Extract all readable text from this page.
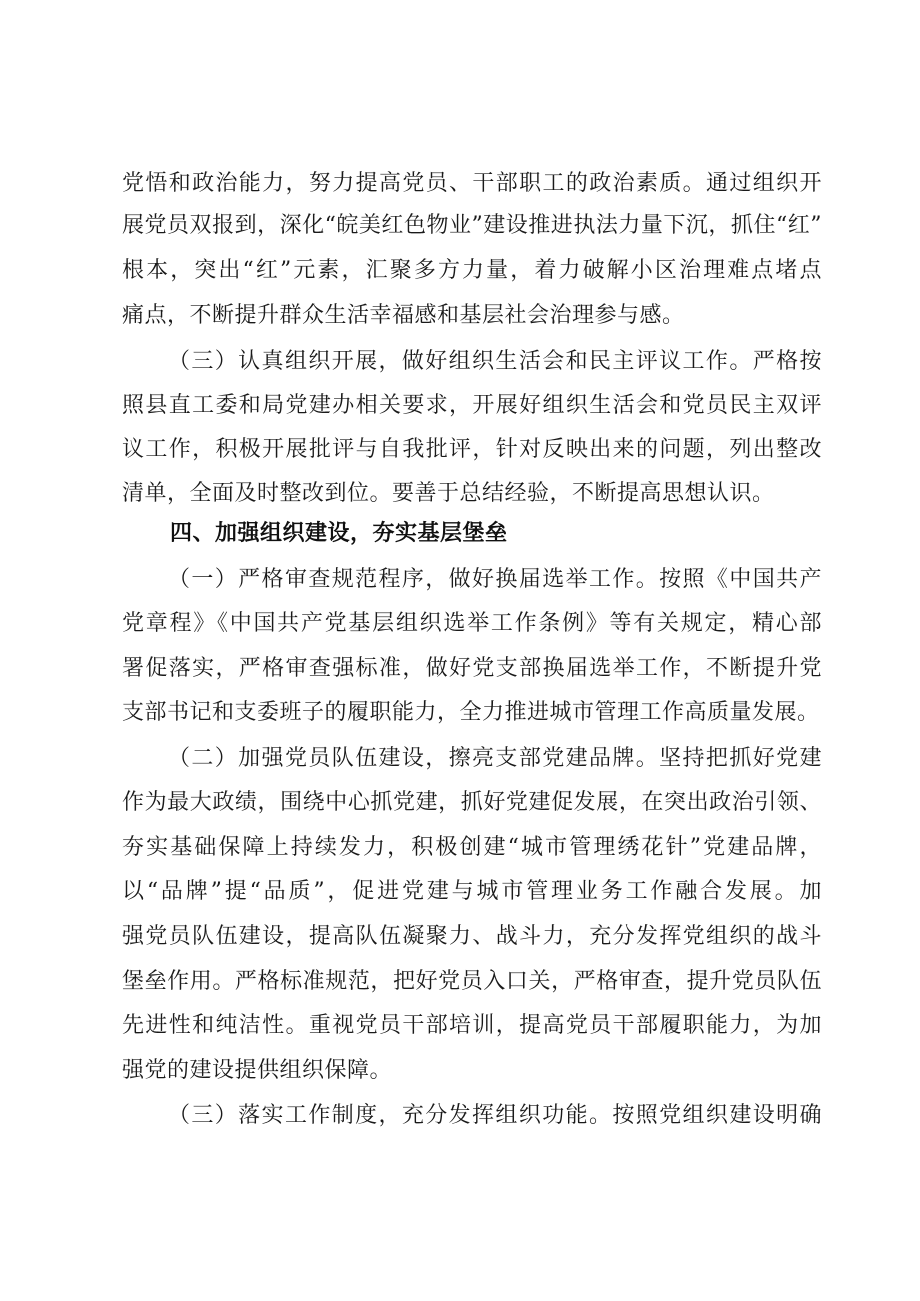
党悟和政治能力，努力提高党员、干部职工的政治素质。通过组织开
展党员双报到，深化“皖美红色物业”建设推进执法力量下沉，抓住“红”
根本，突出“红”元素，汇聚多方力量，着力破解小区治理难点堵点
痛点，不断提升群众生活幸福感和基层社会治理参与感。
（三）认真组织开展，做好组织生活会和民主评议工作。严格按
照县直工委和局党建办相关要求，开展好组织生活会和党员民主双评
议工作，积极开展批评与自我批评，针对反映出来的问题，列出整改
清单，全面及时整改到位。要善于总结经验，不断提高思想认识。
四、加强组织建设，夯实基层堡垒
（一）严格审查规范程序，做好换届选举工作。按照《中国共产
党章程》《中国共产党基层组织选举工作条例》等有关规定，精心部
署促落实，严格审查强标准，做好党支部换届选举工作，不断提升党
支部书记和支委班子的履职能力，全力推进城市管理工作高质量发展。
（二）加强党员队伍建设，擦亮支部党建品牌。坚持把抓好党建
作为最大政绩，围绕中心抓党建，抓好党建促发展，在突出政治引领、
夯实基础保障上持续发力，积极创建“城市管理绣花针”党建品牌，
以“品牌”提“品质”，促进党建与城市管理业务工作融合发展。加
强党员队伍建设，提高队伍凝聚力、战斗力，充分发挥党组织的战斗
堡垒作用。严格标准规范，把好党员入口关，严格审查，提升党员队伍
先进性和纯洁性。重视党员干部培训，提高党员干部履职能力，为加
强党的建设提供组织保障。
（三）落实工作制度，充分发挥组织功能。按照党组织建设明确
